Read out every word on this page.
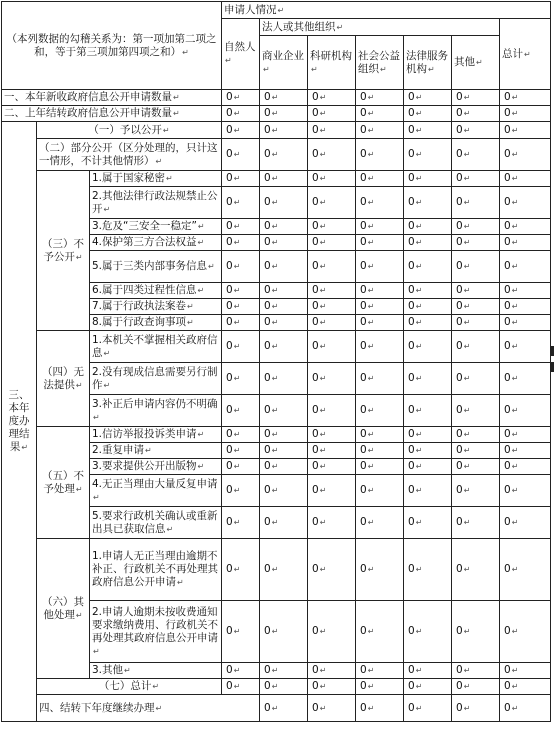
（本列数据的勾稽关系为：第一项加第二项之和，等于第三项加第四项之和） ↵			申请人情况 ↵
			自然人 ↵	法人或其他组织 ↵					总计 ↵
				商业企业 ↵	科研机构 ↵	社会公益组织 ↵	法律服务机构 ↵	其他 ↵

一、本年新收政府信息公开申请数量 ↵			0 ↵	0 ↵	0 ↵	0 ↵	0 ↵	0 ↵	0 ↵
二、上年结转政府信息公开申请数量 ↵			0 ↵	0 ↵	0 ↵	0 ↵	0 ↵	0 ↵	0 ↵
三、本年度办理结果 ↵	（一）予以公开 ↵		0 ↵	0 ↵	0 ↵	0 ↵	0 ↵	0 ↵	0 ↵
	（二）部分公开（区分处理的，只计这一情形，不计其他情形） ↵		0 ↵	0 ↵	0 ↵	0 ↵	0 ↵	0 ↵	0 ↵
	（三）不予公开 ↵	1.属于国家秘密 ↵	0 ↵	0 ↵	0 ↵	0 ↵	0 ↵	0 ↵	0 ↵
		2.其他法律行政法规禁止公开 ↵	0 ↵	0 ↵	0 ↵	0 ↵	0 ↵	0 ↵	0 ↵
		3.危及“三安全一稳定” ↵	0 ↵	0 ↵	0 ↵	0 ↵	0 ↵	0 ↵	0 ↵
		4.保护第三方合法权益 ↵	0 ↵	0 ↵	0 ↵	0 ↵	0 ↵	0 ↵	0 ↵
		5.属于三类内部事务信息 ↵	0 ↵	0 ↵	0 ↵	0 ↵	0 ↵	0 ↵	0 ↵
		6.属于四类过程性信息 ↵	0 ↵	0 ↵	0 ↵	0 ↵	0 ↵	0 ↵	0 ↵
		7.属于行政执法案卷 ↵	0 ↵	0 ↵	0 ↵	0 ↵	0 ↵	0 ↵	0 ↵
		8.属于行政查询事项 ↵	0 ↵	0 ↵	0 ↵	0 ↵	0 ↵	0 ↵	0 ↵
	（四）无法提供 ↵	1.本机关不掌握相关政府信息 ↵	0 ↵	0 ↵	0 ↵	0 ↵	0 ↵	0 ↵	0 ↵
		2.没有现成信息需要另行制作 ↵	0 ↵	0 ↵	0 ↵	0 ↵	0 ↵	0 ↵	0 ↵
		3.补正后申请内容仍不明确 ↵	0 ↵	0 ↵	0 ↵	0 ↵	0 ↵	0 ↵	0 ↵
	（五）不予处理 ↵	1.信访举报投诉类申请 ↵	0 ↵	0 ↵	0 ↵	0 ↵	0 ↵	0 ↵	0 ↵
		2.重复申请 ↵	0 ↵	0 ↵	0 ↵	0 ↵	0 ↵	0 ↵	0 ↵
		3.要求提供公开出版物 ↵	0 ↵	0 ↵	0 ↵	0 ↵	0 ↵	0 ↵	0 ↵
		4.无正当理由大量反复申请 ↵	0 ↵	0 ↵	0 ↵	0 ↵	0 ↵	0 ↵	0 ↵
		5.要求行政机关确认或重新出具已获取信息 ↵	0 ↵	0 ↵	0 ↵	0 ↵	0 ↵	0 ↵	0 ↵
	（六）其他处理 ↵	1.申请人无正当理由逾期不补正、行政机关不再处理其政府信息公开申请 ↵	0 ↵	0 ↵	0 ↵	0 ↵	0 ↵	0 ↵	0 ↵
		2.申请人逾期未按收费通知要求缴纳费用、行政机关不再处理其政府信息公开申请 ↵	0 ↵	0 ↵	0 ↵	0 ↵	0 ↵	0 ↵	0 ↵
		3.其他 ↵	0 ↵	0 ↵	0 ↵	0 ↵	0 ↵	0 ↵	0 ↵
	（七）总计 ↵		0 ↵	0 ↵	0 ↵	0 ↵	0 ↵	0 ↵	0 ↵
	四、结转下年度继续办理 ↵			0 ↵	0 ↵	0 ↵	0 ↵	0 ↵	0 ↵	
